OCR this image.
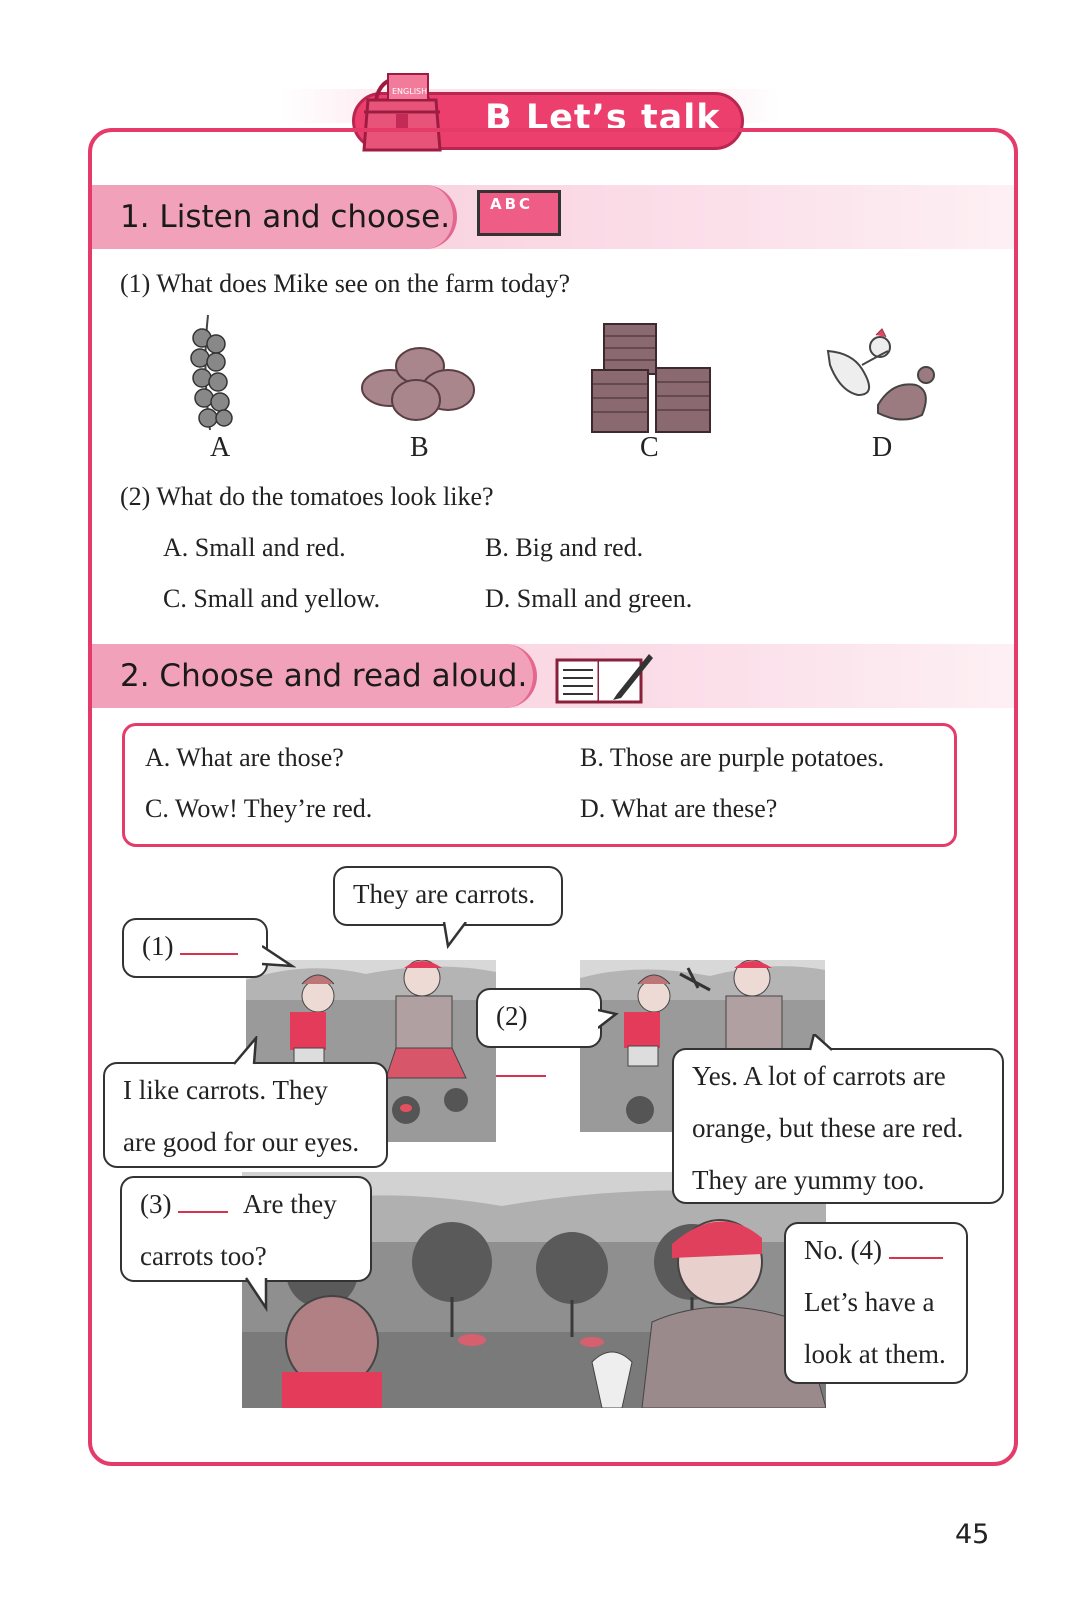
B Let’s talk
ENGLISH
1. Listen and choose.	ABC
(1) What does Mike see on the farm today?
A	B	C	D
(2) What do the tomatoes look like?
A. Small and red.	B. Big and red.
C. Small and yellow.	D. Small and green.
2. Choose and read aloud.
A. What are those?	B. Those are purple potatoes.
C. Wow! They’re red.	D. What are these?
They are carrots.
(1)
(2)
I like carrots. They
are good for our eyes.
Yes. A lot of carrots are
orange, but these are red.
They are yummy too.
(3)	Are they
carrots too?	No. (4)
Let’s have a
look at them.
45
